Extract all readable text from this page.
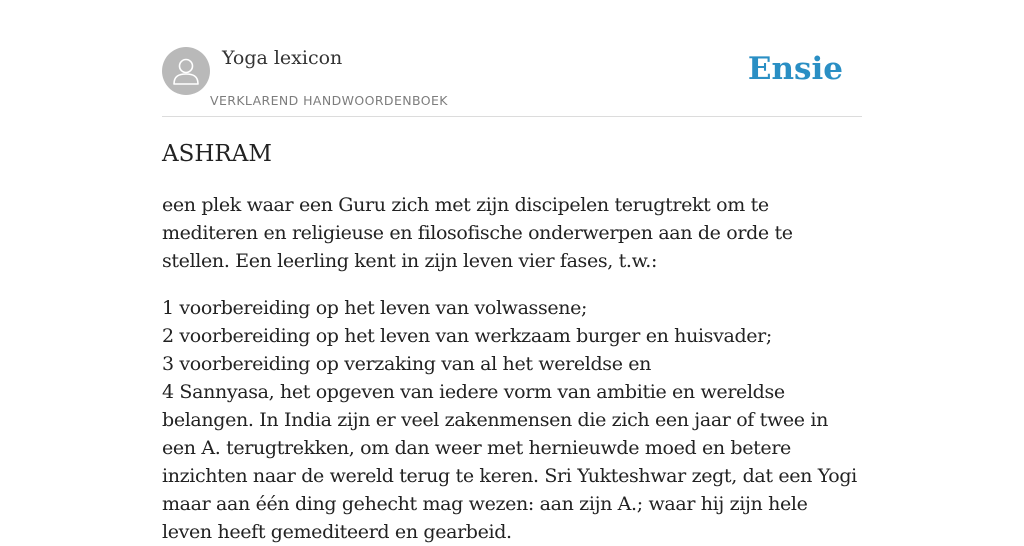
Yoga lexicon
VERKLAREND HANDWOORDENBOEK
Ensie
ASHRAM

een plek waar een Guru zich met zijn discipelen terugtrekt om te mediteren en religieuse en filosofische onderwerpen aan de orde te stellen. Een leerling kent in zijn leven vier fases, t.w.:

1 voorbereiding op het leven van volwassene;
2 voorbereiding op het leven van werkzaam burger en huisvader;
3 voorbereiding op verzaking van al het wereldse en
4 Sannyasa, het opgeven van iedere vorm van ambitie en wereldse belangen. In India zijn er veel zakenmensen die zich een jaar of twee in een A. terugtrekken, om dan weer met hernieuwde moed en betere inzichten naar de wereld terug te keren. Sri Yukteshwar zegt, dat een Yogi maar aan één ding gehecht mag wezen: aan zijn A.; waar hij zijn hele leven heeft gemediteerd en gearbeid.
